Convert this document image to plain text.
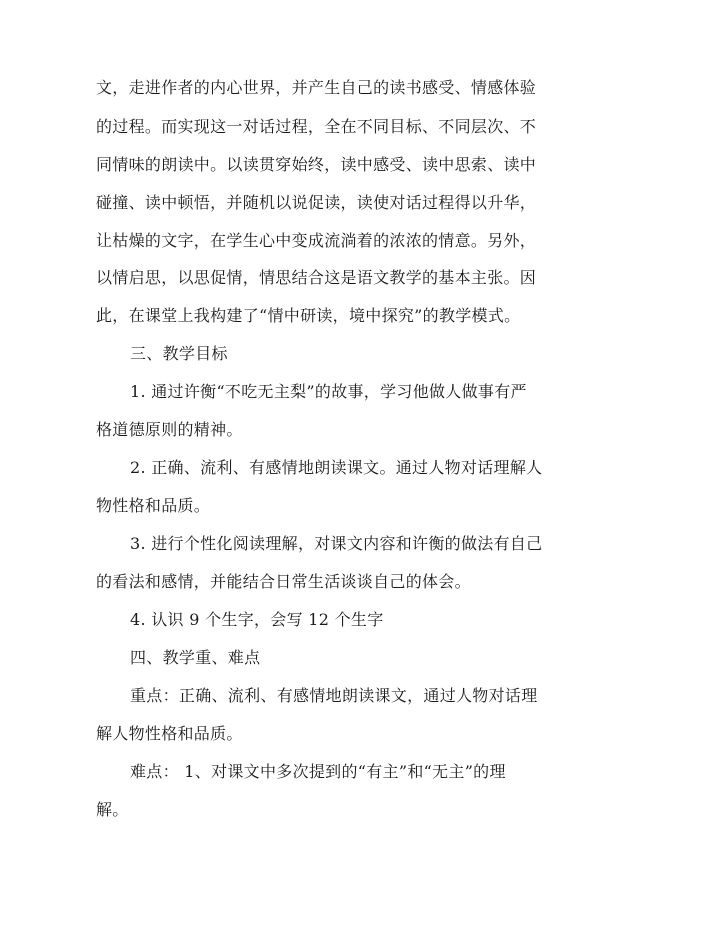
文，走进作者的内心世界，并产生自己的读书感受、情感体验
的过程。而实现这一对话过程，全在不同目标、不同层次、不
同情味的朗读中。以读贯穿始终，读中感受、读中思索、读中
碰撞、读中顿悟，并随机以说促读，读使对话过程得以升华，
让枯燥的文字，在学生心中变成流淌着的浓浓的情意。另外，
以情启思，以思促情，情思结合这是语文教学的基本主张。因
此，在课堂上我构建了“情中研读，境中探究”的教学模式。
三、教学目标
1. 通过许衡“不吃无主梨”的故事，学习他做人做事有严
格道德原则的精神。
2. 正确、流利、有感情地朗读课文。通过人物对话理解人
物性格和品质。
3. 进行个性化阅读理解，对课文内容和许衡的做法有自己
的看法和感情，并能结合日常生活谈谈自己的体会。
4. 认识 9 个生字，会写 12 个生字
四、教学重、难点
重点：正确、流利、有感情地朗读课文，通过人物对话理
解人物性格和品质。
难点： 1、对课文中多次提到的“有主”和“无主”的理
解。
